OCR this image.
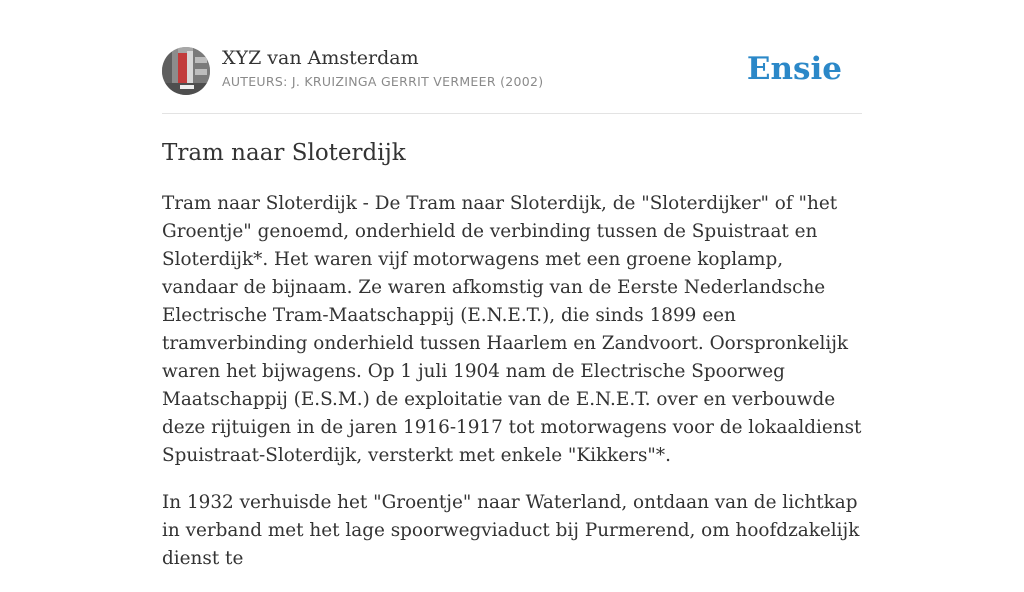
XYZ van Amsterdam
AUTEURS: J. KRUIZINGA GERRIT VERMEER (2002)	Ensie
Tram naar Sloterdijk

Tram naar Sloterdijk - De Tram naar Sloterdijk, de "Sloterdijker" of "het Groentje" genoemd, onderhield de verbinding tussen de Spuistraat en Sloterdijk*. Het waren vijf motorwagens met een groene koplamp, vandaar de bijnaam. Ze waren afkomstig van de Eerste Nederlandsche Electrische Tram-Maatschappij (E.N.E.T.), die sinds 1899 een tramverbinding onderhield tussen Haarlem en Zandvoort. Oorspronkelijk waren het bijwagens. Op 1 juli 1904 nam de Electrische Spoorweg Maatschappij (E.S.M.) de exploitatie van de E.N.E.T. over en verbouwde deze rijtuigen in de jaren 1916-1917 tot motorwagens voor de lokaaldienst Spuistraat-Sloterdijk, versterkt met enkele "Kikkers"*.

In 1932 verhuisde het "Groentje" naar Waterland, ontdaan van de lichtkap in verband met het lage spoorwegviaduct bij Purmerend, om hoofdzakelijk dienst te
